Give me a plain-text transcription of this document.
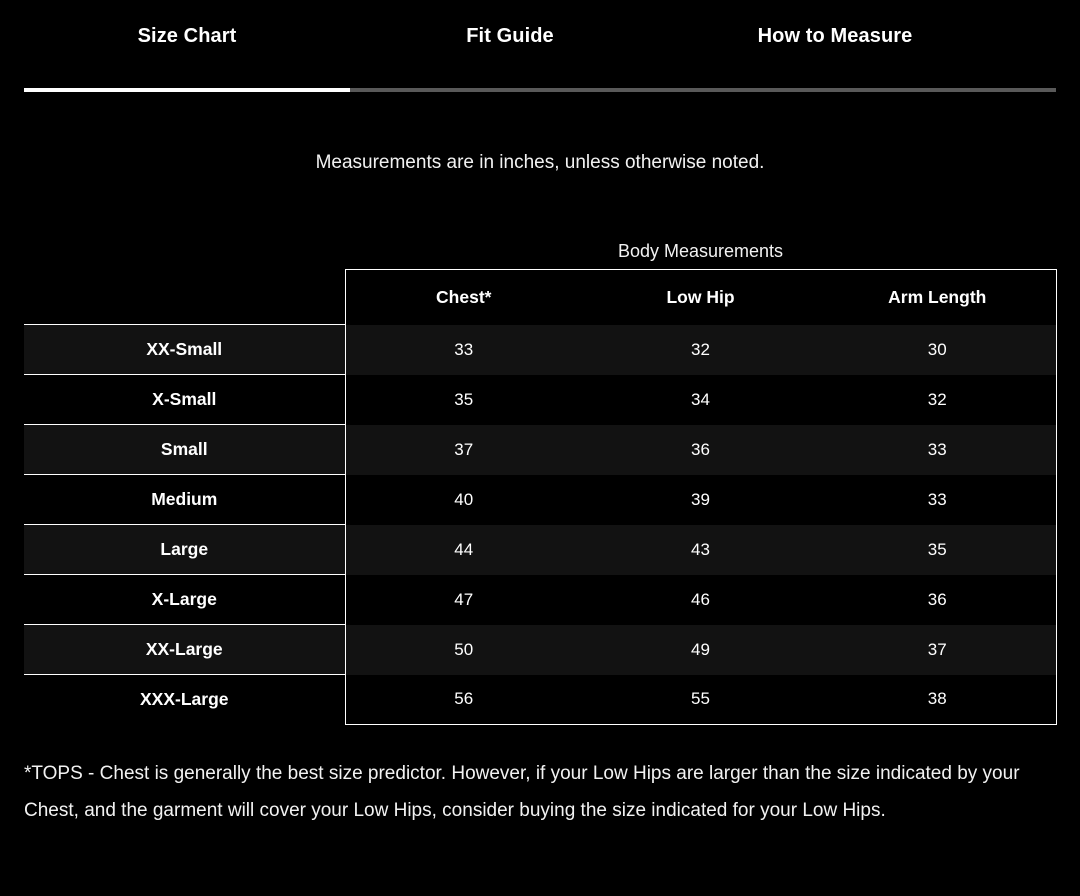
Size Chart	Fit Guide	How to Measure
Measurements are in inches, unless otherwise noted.
Body Measurements
	Chest*	Low Hip	Arm Length
XX-Small	33	32	30
X-Small	35	34	32
Small	37	36	33
Medium	40	39	33
Large	44	43	35
X-Large	47	46	36
XX-Large	50	49	37
XXX-Large	56	55	38
*TOPS - Chest is generally the best size predictor. However, if your Low Hips are larger than the size indicated by your Chest, and the garment will cover your Low Hips, consider buying the size indicated for your Low Hips.
